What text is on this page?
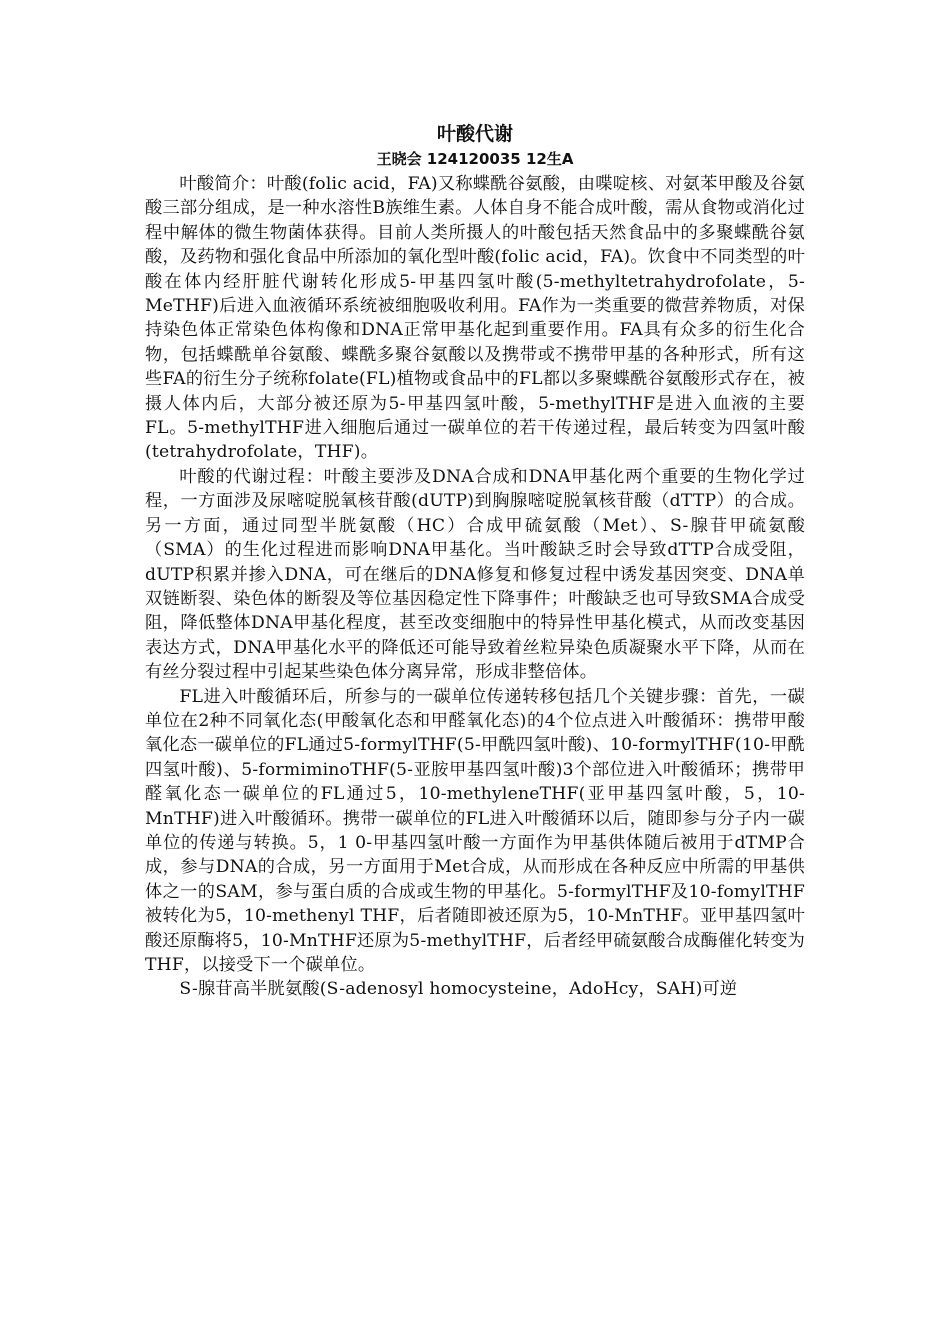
叶酸代谢
王晓会 124120035 12生A

叶酸简介：叶酸(folic acid，FA)又称蝶酰谷氨酸，由喋啶核、对氨苯甲酸及谷氨酸三部分组成，是一种水溶性B族维生素。人体自身不能合成叶酸，需从食物或消化过程中解体的微生物菌体获得。目前人类所摄人的叶酸包括天然食品中的多聚蝶酰谷氨酸，及药物和强化食品中所添加的氧化型叶酸(folic acid，FA)。饮食中不同类型的叶酸在体内经肝脏代谢转化形成5-甲基四氢叶酸(5-methyltetrahydrofolate，5-MeTHF)后进入血液循环系统被细胞吸收利用。FA作为一类重要的微营养物质，对保持染色体正常染色体构像和DNA正常甲基化起到重要作用。FA具有众多的衍生化合物，包括蝶酰单谷氨酸、蝶酰多聚谷氨酸以及携带或不携带甲基的各种形式，所有这些FA的衍生分子统称folate(FL)植物或食品中的FL都以多聚蝶酰谷氨酸形式存在，被摄人体内后，大部分被还原为5-甲基四氢叶酸，5-methylTHF是进入血液的主要FL。5-methylTHF进入细胞后通过一碳单位的若干传递过程，最后转变为四氢叶酸(tetrahydrofolate，THF)。

叶酸的代谢过程：叶酸主要涉及DNA合成和DNA甲基化两个重要的生物化学过程，一方面涉及尿嘧啶脱氧核苷酸(dUTP)到胸腺嘧啶脱氧核苷酸（dTTP）的合成。另一方面，通过同型半胱氨酸（HC）合成甲硫氨酸（Met）、S-腺苷甲硫氨酸（SMA）的生化过程进而影响DNA甲基化。当叶酸缺乏时会导致dTTP合成受阻，dUTP积累并掺入DNA，可在继后的DNA修复和修复过程中诱发基因突变、DNA单双链断裂、染色体的断裂及等位基因稳定性下降事件；叶酸缺乏也可导致SMA合成受阻，降低整体DNA甲基化程度，甚至改变细胞中的特异性甲基化模式，从而改变基因表达方式，DNA甲基化水平的降低还可能导致着丝粒异染色质凝聚水平下降，从而在有丝分裂过程中引起某些染色体分离异常，形成非整倍体。

FL进入叶酸循环后，所参与的一碳单位传递转移包括几个关键步骤：首先，一碳单位在2种不同氧化态(甲酸氧化态和甲醛氧化态)的4个位点进入叶酸循环：携带甲酸氧化态一碳单位的FL通过5-formylTHF(5-甲酰四氢叶酸)、10-formylTHF(10-甲酰四氢叶酸)、5-formiminoTHF(5-亚胺甲基四氢叶酸)3个部位进入叶酸循环；携带甲醛氧化态一碳单位的FL通过5，10-methyleneTHF(亚甲基四氢叶酸，5，10-MnTHF)进入叶酸循环。携带一碳单位的FL进入叶酸循环以后，随即参与分子内一碳单位的传递与转换。5，1 0-甲基四氢叶酸一方面作为甲基供体随后被用于dTMP合成，参与DNA的合成，另一方面用于Met合成，从而形成在各种反应中所需的甲基供体之一的SAM，参与蛋白质的合成或生物的甲基化。5-formylTHF及10-fomylTHF被转化为5，10-methenyl THF，后者随即被还原为5，10-MnTHF。亚甲基四氢叶酸还原酶将5，10-MnTHF还原为5-methylTHF，后者经甲硫氨酸合成酶催化转变为THF，以接受下一个碳单位。

S-腺苷高半胱氨酸(S-adenosyl homocysteine，AdoHcy，SAH)可逆
